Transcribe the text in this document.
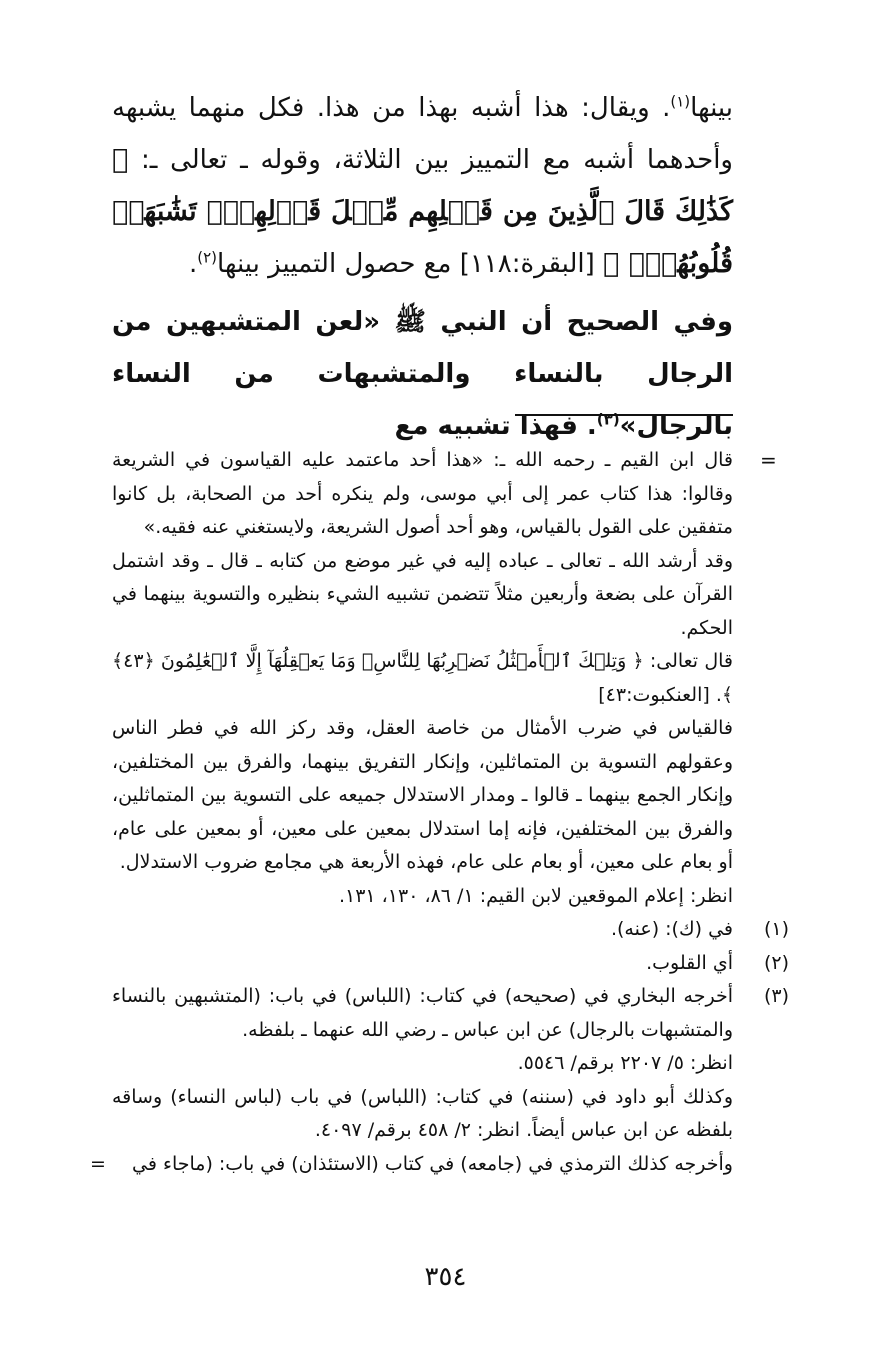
بينها$^{(١)}$. ويقال: هذا أشبه بهذا من هذا. فكل منهما يشبهه وأحدهما أشبه مع التمييز بين الثلاثة، وقوله ـ تعالى ـ: ﴿ كَذَٰلِكَ قَالَ ٱلَّذِينَ مِن قَبۡلِهِم مِّثۡلَ قَوۡلِهِمۡۘ تَشَٰبَهَتۡ قُلُوبُهُمۡۗ ﴾ [البقرة:١١٨] مع حصول التمييز بينها$^{(٢)}$.

وفي الصحيح أن النبي ﷺ «لعن المتشبهين من الرجال بالنساء والمتشبهات من النساء بالرجال»$^{(٣)}$. فهذا تشبيه مع

=

قال ابن القيم ـ رحمه الله ـ: «هذا أحد ماعتمد عليه القياسون في الشريعة وقالوا: هذا كتاب عمر إلى أبي موسى، ولم ينكره أحد من الصحابة، بل كانوا متفقين على القول بالقياس، وهو أحد أصول الشريعة، ولايستغني عنه فقيه.»

وقد أرشد الله ـ تعالى ـ عباده إليه في غير موضع من كتابه ـ قال ـ وقد اشتمل القرآن على بضعة وأربعين مثلاً تتضمن تشبيه الشيء بنظيره والتسوية بينهما في الحكم.

قال تعالى: ﴿ وَتِلۡكَ ٱلۡأَمۡثَٰلُ نَضۡرِبُهَا لِلنَّاسِۖ وَمَا يَعۡقِلُهَآ إِلَّا ٱلۡعَٰلِمُونَ ﴿٤٣﴾ ﴾. [العنكبوت:٤٣]

فالقياس في ضرب الأمثال من خاصة العقل، وقد ركز الله في فطر الناس وعقولهم التسوية بن المتماثلين، وإنكار التفريق بينهما، والفرق بين المختلفين، وإنكار الجمع بينهما ـ قالوا ـ ومدار الاستدلال جميعه على التسوية بين المتماثلين، والفرق بين المختلفين، فإنه إما استدلال بمعين على معين، أو بمعين على عام، أو بعام على معين، أو بعام على عام، فهذه الأربعة هي مجامع ضروب الاستدلال.

انظر: إعلام الموقعين لابن القيم: ١/ ٨٦، ١٣٠، ١٣١.

(١)

في (ك): (عنه).

(٢)

أي القلوب.

(٣)

أخرجه البخاري في (صحيحه) في كتاب: (اللباس) في باب: (المتشبهين بالنساء والمتشبهات بالرجال) عن ابن عباس ـ رضي الله عنهما ـ بلفظه.

انظر: ٥/ ٢٢٠٧ برقم/ ٥٥٤٦.

وكذلك أبو داود في (سننه) في كتاب: (اللباس) في باب (لباس النساء) وساقه بلفظه عن ابن عباس أيضاً. انظر: ٢/ ٤٥٨ برقم/ ٤٠٩٧.

وأخرجه كذلك الترمذي في (جامعه) في كتاب (الاستئذان) في باب: (ماجاء في
=

٣٥٤
